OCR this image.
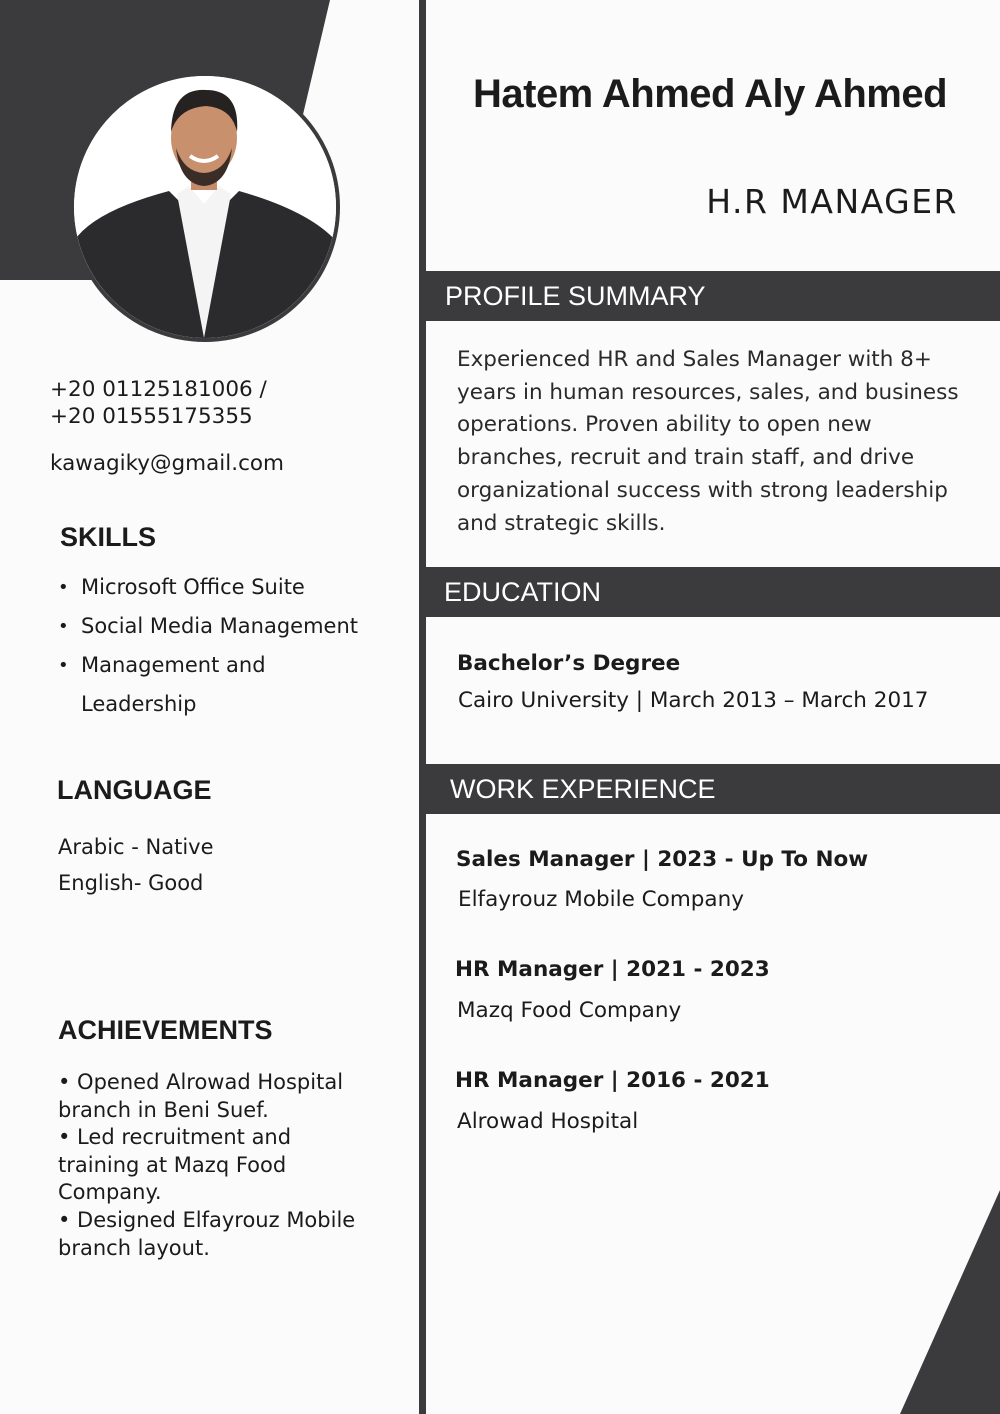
Hatem Ahmed Aly Ahmed
H.R MANAGER
+20 01125181006 /
+20 01555175355
kawagiky@gmail.com
SKILLS
• Microsoft Office Suite
• Social Media Management
• Management and Leadership
LANGUAGE
Arabic - Native
English- Good
ACHIEVEMENTS
• Opened Alrowad Hospital branch in Beni Suef.
• Led recruitment and training at Mazq Food Company.
• Designed Elfayrouz Mobile branch layout.
PROFILE SUMMARY
Experienced HR and Sales Manager with 8+ years in human resources, sales, and business operations. Proven ability to open new branches, recruit and train staff, and drive organizational success with strong leadership and strategic skills.
EDUCATION
Bachelor’s Degree
Cairo University | March 2013 – March 2017
WORK EXPERIENCE
Sales Manager | 2023 - Up To Now
Elfayrouz Mobile Company
HR Manager | 2021 - 2023
Mazq Food Company
HR Manager | 2016 - 2021
Alrowad Hospital
